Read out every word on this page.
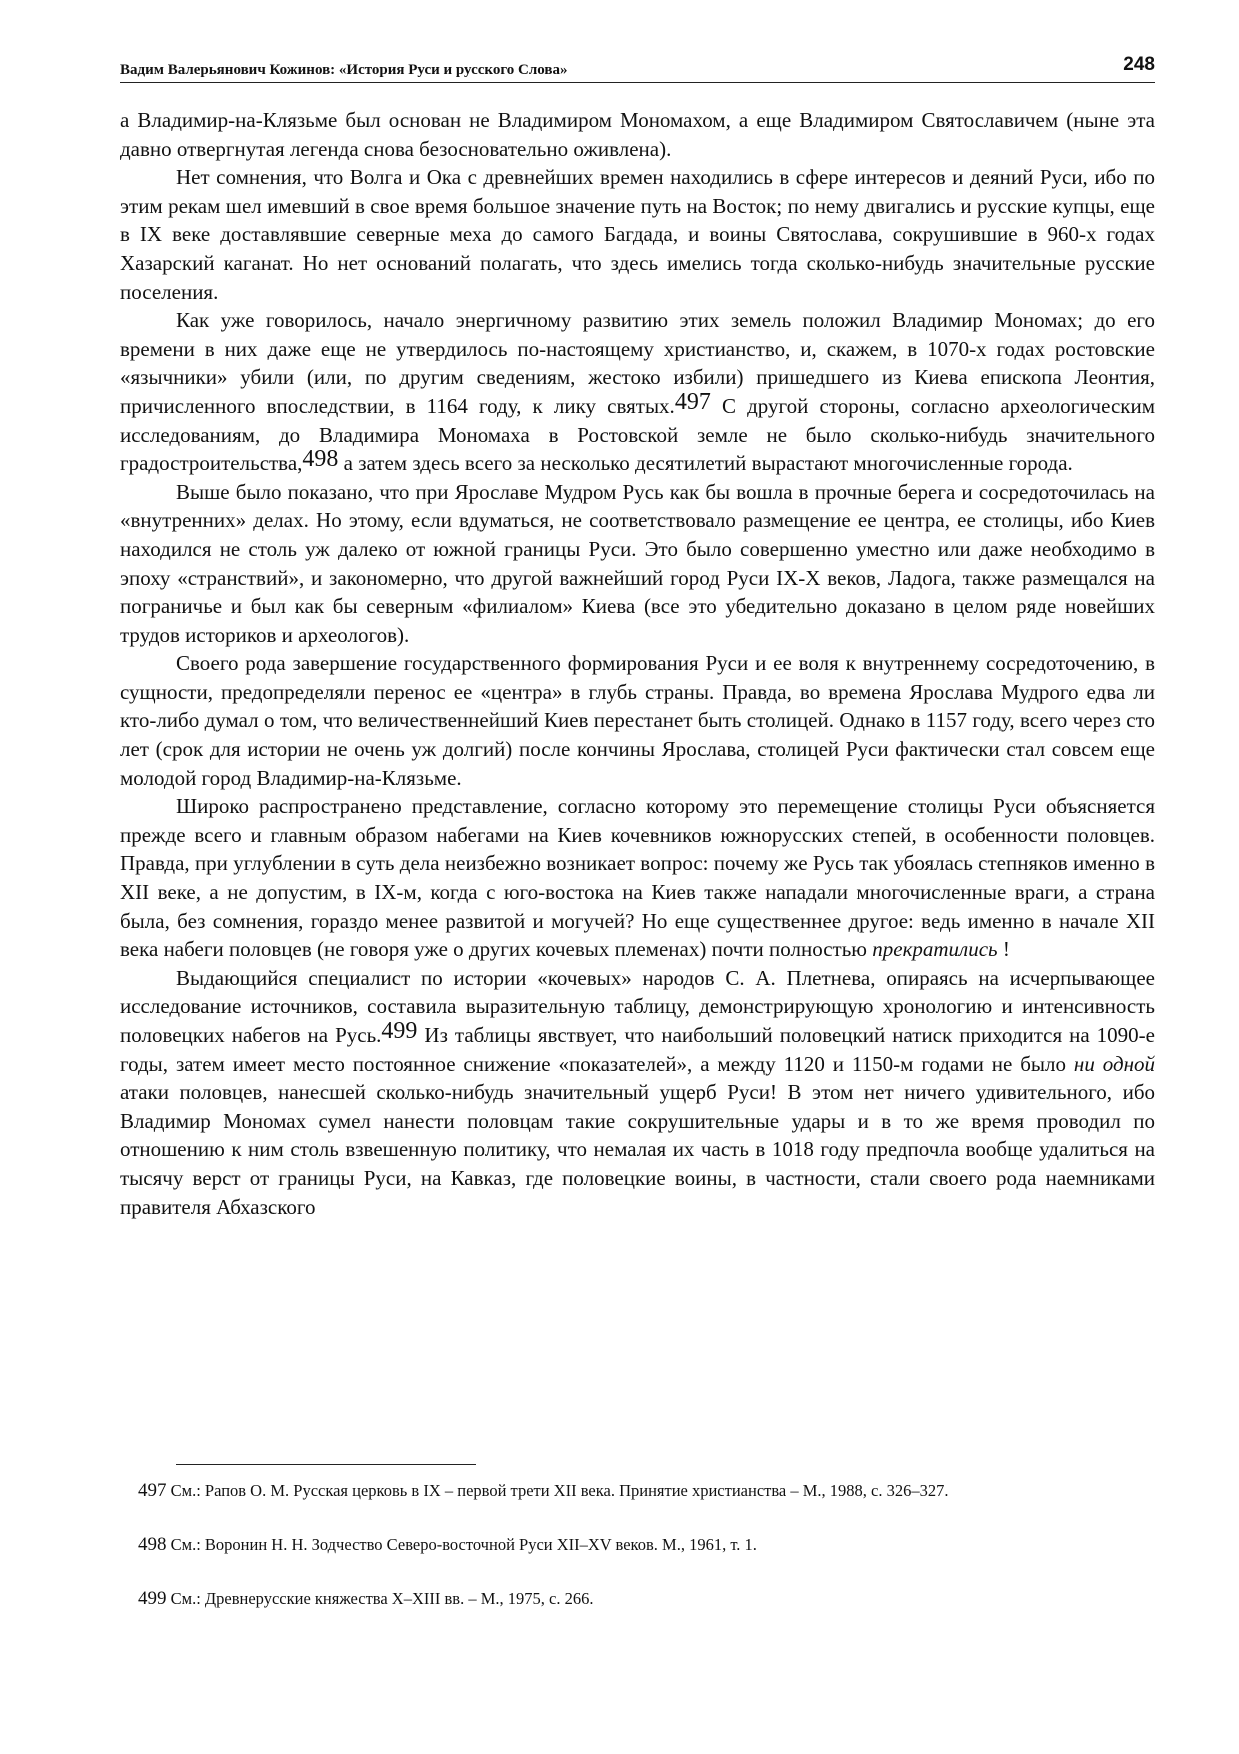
Вадим Валерьянович Кожинов: «История Руси и русского Слова»	248

а Владимир-на-Клязьме был основан не Владимиром Мономахом, а еще Владимиром Святославичем (ныне эта давно отвергнутая легенда снова безосновательно оживлена).

Нет сомнения, что Волга и Ока с древнейших времен находились в сфере интересов и деяний Руси, ибо по этим рекам шел имевший в свое время большое значение путь на Восток; по нему двигались и русские купцы, еще в IX веке доставлявшие северные меха до самого Багдада, и воины Святослава, сокрушившие в 960-х годах Хазарский каганат. Но нет оснований полагать, что здесь имелись тогда сколько-нибудь значительные русские поселения.

Как уже говорилось, начало энергичному развитию этих земель положил Владимир Мономах; до его времени в них даже еще не утвердилось по-настоящему христианство, и, скажем, в 1070-х годах ростовские «язычники» убили (или, по другим сведениям, жестоко избили) пришедшего из Киева епископа Леонтия, причисленного впоследствии, в 1164 году, к лику святых.497 С другой стороны, согласно археологическим исследованиям, до Владимира Мономаха в Ростовской земле не было сколько-нибудь значительного градостроительства,498 а затем здесь всего за несколько десятилетий вырастают многочисленные города.

Выше было показано, что при Ярославе Мудром Русь как бы вошла в прочные берега и сосредоточилась на «внутренних» делах. Но этому, если вдуматься, не соответствовало размещение ее центра, ее столицы, ибо Киев находился не столь уж далеко от южной границы Руси. Это было совершенно уместно или даже необходимо в эпоху «странствий», и закономерно, что другой важнейший город Руси IX-X веков, Ладога, также размещался на пограничье и был как бы северным «филиалом» Киева (все это убедительно доказано в целом ряде новейших трудов историков и археологов).

Своего рода завершение государственного формирования Руси и ее воля к внутреннему сосредоточению, в сущности, предопределяли перенос ее «центра» в глубь страны. Правда, во времена Ярослава Мудрого едва ли кто-либо думал о том, что величественнейший Киев перестанет быть столицей. Однако в 1157 году, всего через сто лет (срок для истории не очень уж долгий) после кончины Ярослава, столицей Руси фактически стал совсем еще молодой город Владимир-на-Клязьме.

Широко распространено представление, согласно которому это перемещение столицы Руси объясняется прежде всего и главным образом набегами на Киев кочевников южнорусских степей, в особенности половцев. Правда, при углублении в суть дела неизбежно возникает вопрос: почему же Русь так убоялась степняков именно в XII веке, а не допустим, в IX-м, когда с юго-востока на Киев также нападали многочисленные враги, а страна была, без сомнения, гораздо менее развитой и могучей? Но еще существеннее другое: ведь именно в начале XII века набеги половцев (не говоря уже о других кочевых племенах) почти полностью прекратились !

Выдающийся специалист по истории «кочевых» народов С. А. Плетнева, опираясь на исчерпывающее исследование источников, составила выразительную таблицу, демонстрирующую хронологию и интенсивность половецких набегов на Русь.499 Из таблицы явствует, что наибольший половецкий натиск приходится на 1090-е годы, затем имеет место постоянное снижение «показателей», а между 1120 и 1150-м годами не было ни одной атаки половцев, нанесшей сколько-нибудь значительный ущерб Руси! В этом нет ничего удивительного, ибо Владимир Мономах сумел нанести половцам такие сокрушительные удары и в то же время проводил по отношению к ним столь взвешенную политику, что немалая их часть в 1018 году предпочла вообще удалиться на тысячу верст от границы Руси, на Кавказ, где половецкие воины, в частности, стали своего рода наемниками правителя Абхазского

497 См.: Рапов О. М. Русская церковь в IX – первой трети XII века. Принятие христианства – М., 1988, с. 326–327.

498 См.: Воронин Н. Н. Зодчество Северо-восточной Руси XII–XV веков. М., 1961, т. 1.

499 См.: Древнерусские княжества X–XIII вв. – М., 1975, с. 266.
